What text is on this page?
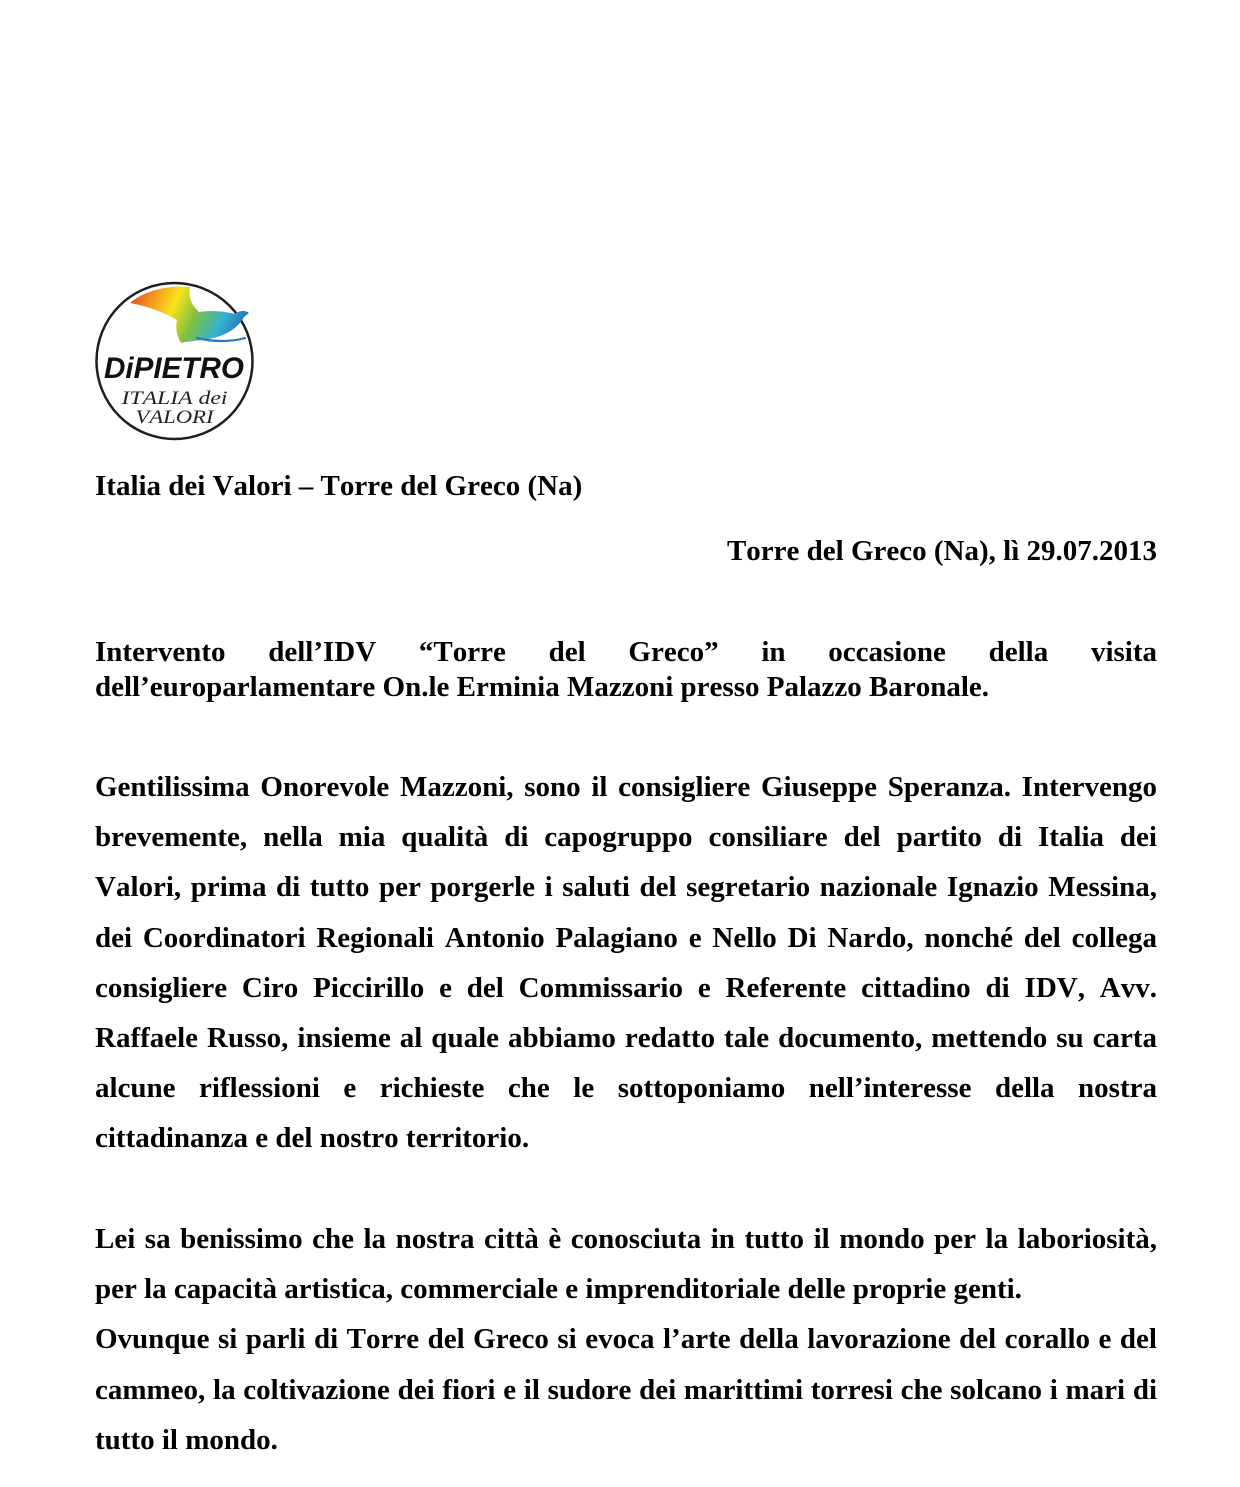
DiPIETRO
ITALIA dei
VALORI
Italia dei Valori – Torre del Greco (Na)
Torre del Greco (Na), lì 29.07.2013
Intervento dell’IDV “Torre del Greco” in occasione della visita
dell’europarlamentare On.le Erminia Mazzoni presso Palazzo Baronale.
Gentilissima Onorevole Mazzoni, sono il consigliere Giuseppe Speranza. Intervengo
brevemente, nella mia qualità di capogruppo consiliare del partito di Italia dei
Valori, prima di tutto per porgerle i saluti del segretario nazionale Ignazio Messina,
dei Coordinatori Regionali Antonio Palagiano e Nello Di Nardo, nonché del collega
consigliere Ciro Piccirillo e del Commissario e Referente cittadino di IDV, Avv.
Raffaele Russo, insieme al quale abbiamo redatto tale documento, mettendo su carta
alcune riflessioni e richieste che le sottoponiamo nell’interesse della nostra
cittadinanza e del nostro territorio.
Lei sa benissimo che la nostra città è conosciuta in tutto il mondo per la laboriosità,
per la capacità artistica, commerciale e imprenditoriale delle proprie genti.
Ovunque si parli di Torre del Greco si evoca l’arte della lavorazione del corallo e del
cammeo, la coltivazione dei fiori e il sudore dei marittimi torresi che solcano i mari di
tutto il mondo.
